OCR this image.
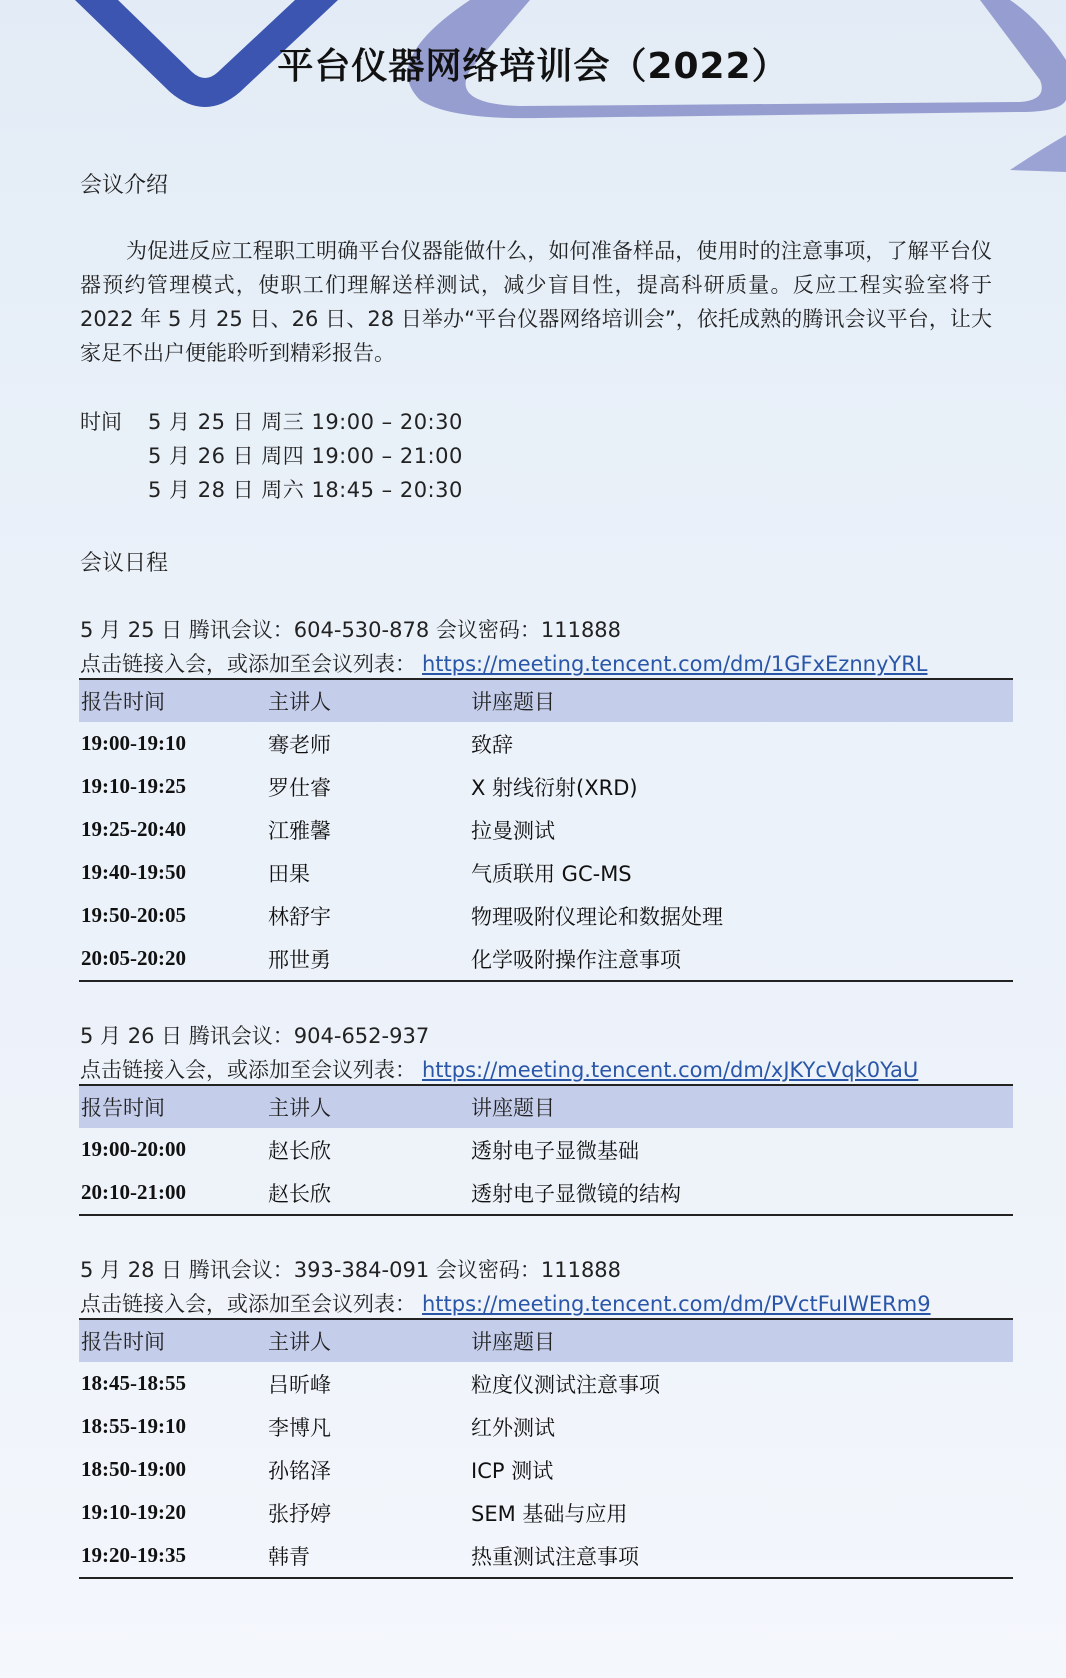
平台仪器网络培训会（2022）
会议介绍
为促进反应工程职工明确平台仪器能做什么，如何准备样品，使用时的注意事项，了解平台仪器预约管理模式，使职工们理解送样测试，减少盲目性，提高科研质量。反应工程实验室将于 2022 年 5 月 25 日、26 日、28 日举办“平台仪器网络培训会”，依托成熟的腾讯会议平台，让大家足不出户便能聆听到精彩报告。
时间 5 月 25 日 周三 19:00 – 20:30
5 月 26 日 周四 19:00 – 21:00
5 月 28 日 周六 18:45 – 20:30
会议日程
5 月 25 日 腾讯会议：604-530-878 会议密码：111888
点击链接入会，或添加至会议列表： https://meeting.tencent.com/dm/1GFxEznnyYRL
报告时间	主讲人	讲座题目
19:00-19:10	骞老师	致辞
19:10-19:25	罗仕睿	X 射线衍射(XRD)
19:25-20:40	江雅馨	拉曼测试
19:40-19:50	田果	气质联用 GC-MS
19:50-20:05	林舒宇	物理吸附仪理论和数据处理
20:05-20:20	邢世勇	化学吸附操作注意事项
5 月 26 日 腾讯会议：904-652-937
点击链接入会，或添加至会议列表： https://meeting.tencent.com/dm/xJKYcVqk0YaU
报告时间	主讲人	讲座题目
19:00-20:00	赵长欣	透射电子显微基础
20:10-21:00	赵长欣	透射电子显微镜的结构
5 月 28 日 腾讯会议：393-384-091 会议密码：111888
点击链接入会，或添加至会议列表： https://meeting.tencent.com/dm/PVctFuIWERm9
报告时间	主讲人	讲座题目
18:45-18:55	吕昕峰	粒度仪测试注意事项
18:55-19:10	李博凡	红外测试
18:50-19:00	孙铭泽	ICP 测试
19:10-19:20	张抒婷	SEM 基础与应用
19:20-19:35	韩青	热重测试注意事项
